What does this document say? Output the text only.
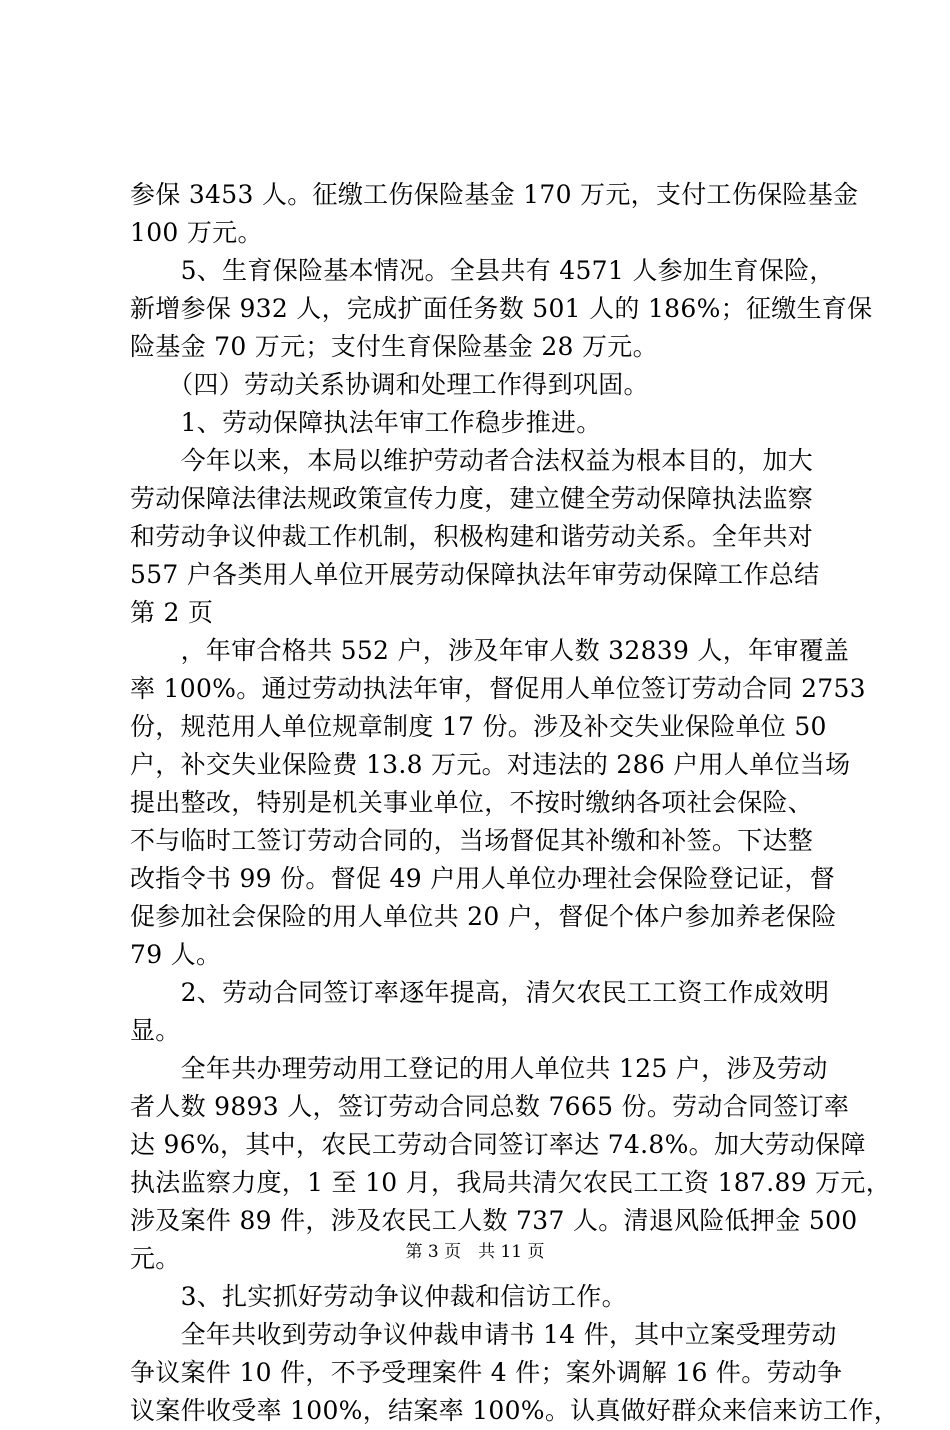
参保 3453 人。征缴工伤保险基金 170 万元，支付工伤保险基金
100 万元。
　　5、生育保险基本情况。全县共有 4571 人参加生育保险，
新增参保 932 人，完成扩面任务数 501 人的 186%；征缴生育保
险基金 70 万元；支付生育保险基金 28 万元。
　　（四）劳动关系协调和处理工作得到巩固。
　　1、劳动保障执法年审工作稳步推进。
　　今年以来，本局以维护劳动者合法权益为根本目的，加大
劳动保障法律法规政策宣传力度，建立健全劳动保障执法监察
和劳动争议仲裁工作机制，积极构建和谐劳动关系。全年共对
557 户各类用人单位开展劳动保障执法年审劳动保障工作总结
第 2 页
　　，年审合格共 552 户，涉及年审人数 32839 人，年审覆盖
率 100%。通过劳动执法年审，督促用人单位签订劳动合同 2753
份，规范用人单位规章制度 17 份。涉及补交失业保险单位 50
户，补交失业保险费 13.8 万元。对违法的 286 户用人单位当场
提出整改，特别是机关事业单位，不按时缴纳各项社会保险、
不与临时工签订劳动合同的，当场督促其补缴和补签。下达整
改指令书 99 份。督促 49 户用人单位办理社会保险登记证，督
促参加社会保险的用人单位共 20 户，督促个体户参加养老保险
79 人。
　　2、劳动合同签订率逐年提高，清欠农民工工资工作成效明
显。
　　全年共办理劳动用工登记的用人单位共 125 户，涉及劳动
者人数 9893 人，签订劳动合同总数 7665 份。劳动合同签订率
达 96%，其中，农民工劳动合同签订率达 74.8%。加大劳动保障
执法监察力度，1 至 10 月，我局共清欠农民工工资 187.89 万元，
涉及案件 89 件，涉及农民工人数 737 人。清退风险低押金 500
元。
　　3、扎实抓好劳动争议仲裁和信访工作。
　　全年共收到劳动争议仲裁申请书 14 件，其中立案受理劳动
争议案件 10 件，不予受理案件 4 件；案外调解 16 件。劳动争
议案件收受率 100%，结案率 100%。认真做好群众来信来访工作，
第 3 页　共 11 页
